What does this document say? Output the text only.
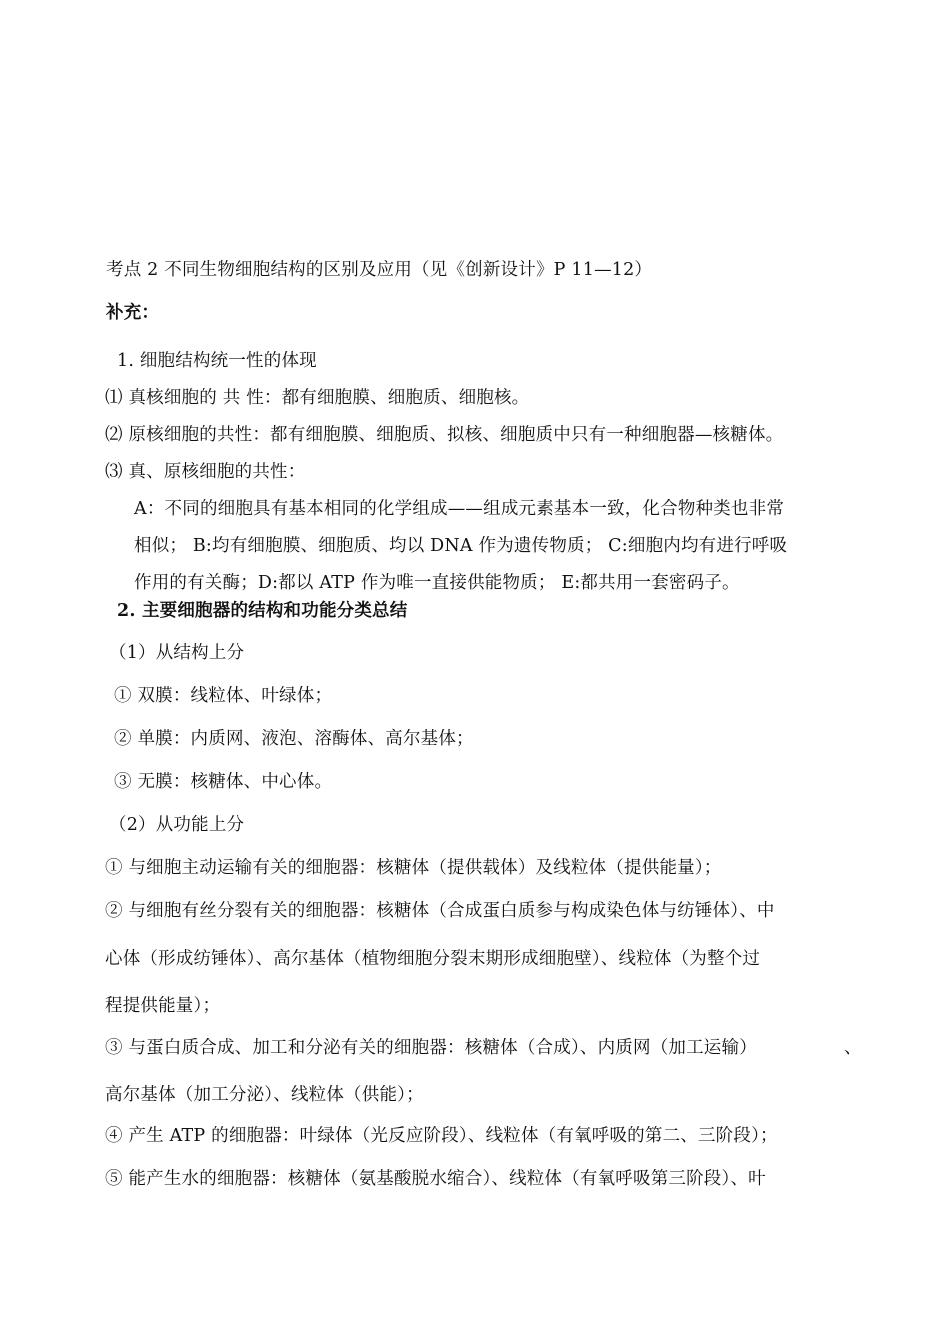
考点 2 不同生物细胞结构的区别及应用（见《创新设计》P 11—12）
补充：
1. 细胞结构统一性的体现
⑴ 真核细胞的 共 性：都有细胞膜、细胞质、细胞核。
⑵ 原核细胞的共性：都有细胞膜、细胞质、拟核、细胞质中只有一种细胞器—核糖体。
⑶ 真、原核细胞的共性：
A：不同的细胞具有基本相同的化学组成——组成元素基本一致，化合物种类也非常
相似； B:均有细胞膜、细胞质、均以 DNA 作为遗传物质； C:细胞内均有进行呼吸
作用的有关酶；D:都以 ATP 作为唯一直接供能物质； E:都共用一套密码子。
2. 主要细胞器的结构和功能分类总结
（1）从结构上分
① 双膜：线粒体、叶绿体；
② 单膜：内质网、液泡、溶酶体、高尔基体；
③ 无膜：核糖体、中心体。
（2）从功能上分
① 与细胞主动运输有关的细胞器：核糖体（提供载体）及线粒体（提供能量）；
② 与细胞有丝分裂有关的细胞器：核糖体（合成蛋白质参与构成染色体与纺锤体）、中
心体（形成纺锤体）、高尔基体（植物细胞分裂末期形成细胞壁）、线粒体（为整个过
程提供能量）；
③ 与蛋白质合成、加工和分泌有关的细胞器：核糖体（合成）、内质网（加工运输）	、
高尔基体（加工分泌）、线粒体（供能）；
④ 产生 ATP 的细胞器：叶绿体（光反应阶段）、线粒体（有氧呼吸的第二、三阶段）；
⑤ 能产生水的细胞器：核糖体（氨基酸脱水缩合）、线粒体（有氧呼吸第三阶段）、叶
